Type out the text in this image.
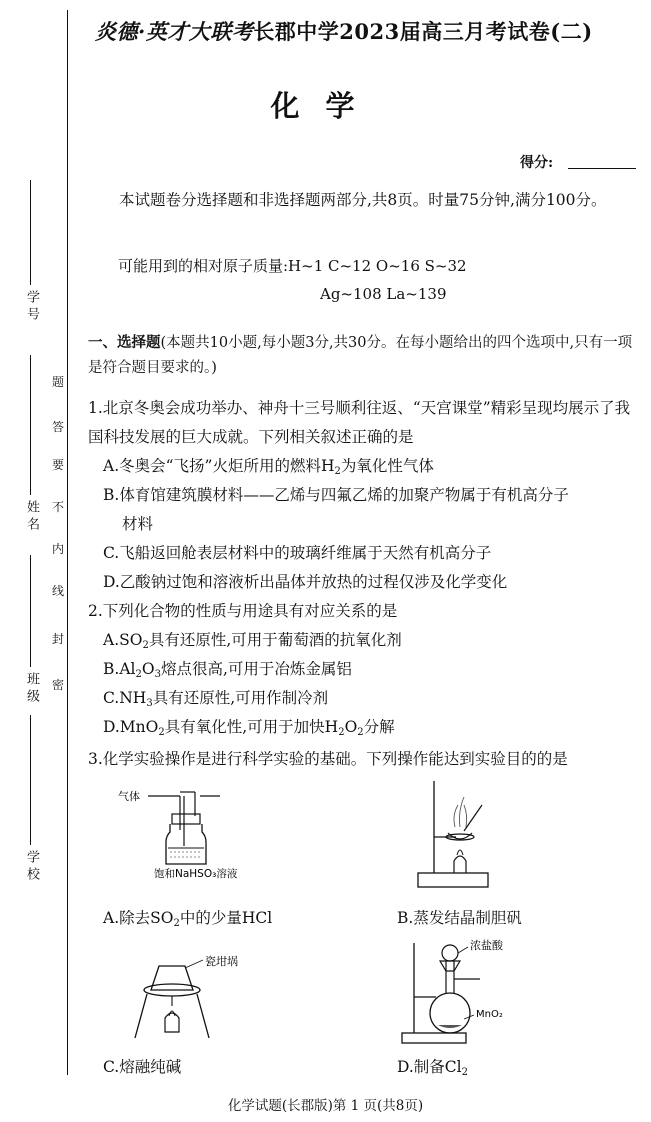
学 号
姓 名
班 级
学 校
密
封
线
内
不
要
答
题
炎德·英才大联考长郡中学2023届高三月考试卷(二)
化学
得分:

本试题卷分选择题和非选择题两部分,共8页。时量75分钟,满分100分。

可能用到的相对原子质量:H~1 C~12 O~16 S~32
Ag~108 La~139
一、选择题(本题共10小题,每小题3分,共30分。在每小题给出的四个选项中,只有一项是符合题目要求的。)
1.北京冬奥会成功举办、神舟十三号顺利往返、“天宫课堂”精彩呈现均展示了我国科技发展的巨大成就。下列相关叙述正确的是
A.冬奥会“飞扬”火炬所用的燃料$H_2$为氧化性气体
B.体育馆建筑膜材料——乙烯与四氟乙烯的加聚产物属于有机高分子
材料
C.飞船返回舱表层材料中的玻璃纤维属于天然有机高分子
D.乙酸钠过饱和溶液析出晶体并放热的过程仅涉及化学变化
2.下列化合物的性质与用途具有对应关系的是
$A.SO_2$具有还原性,可用于葡萄酒的抗氧化剂
$B.Al_2O_3$熔点很高,可用于冶炼金属铝
$C.NH_3$具有还原性,可用作制冷剂
D.MnO$_2$具有氧化性,可用于加快$H_2O_2$分解
3.化学实验操作是进行科学实验的基础。下列操作能达到实验目的的是
气体
饱和NaHSO₃溶液
A.除去$SO_2$中的少量HCl	B.蒸发结晶制胆矾
瓷坩埚
浓盐酸
MnO₂
C.熔融纯碱	D.制备$Cl_2$
化学试题(长郡版)第 1 页(共8页)
